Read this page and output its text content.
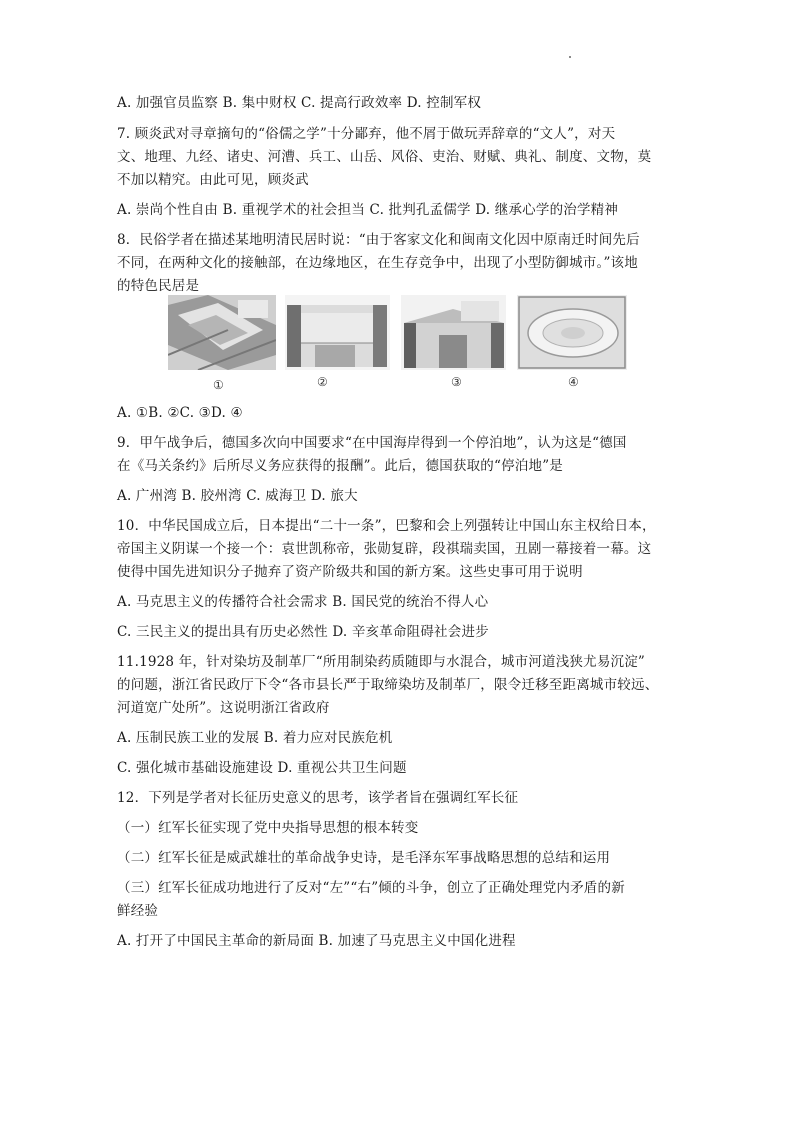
A. 加强官员监察 B. 集中财权 C. 提高行政效率 D. 控制军权
7. 顾炎武对寻章摘句的“俗儒之学”十分鄙弃，他不屑于做玩弄辞章的“文人”，对天
文、地理、九经、诸史、河漕、兵工、山岳、风俗、吏治、财赋、典礼、制度、文物，莫
不加以精究。由此可见，顾炎武
A. 崇尚个性自由 B. 重视学术的社会担当 C. 批判孔孟儒学 D. 继承心学的治学精神
8．民俗学者在描述某地明清民居时说：“由于客家文化和闽南文化因中原南迁时间先后
不同，在两种文化的接触部，在边缘地区，在生存竞争中，出现了小型防御城市。”该地
的特色民居是
①	②	③	④
A. ①B. ②C. ③D. ④
9．甲午战争后，德国多次向中国要求“在中国海岸得到一个停泊地”，认为这是“德国
在《马关条约》后所尽义务应获得的报酬”。此后，德国获取的“停泊地”是
A. 广州湾 B. 胶州湾 C. 威海卫 D. 旅大
10．中华民国成立后，日本提出“二十一条”，巴黎和会上列强转让中国山东主权给日本，
帝国主义阴谋一个接一个：袁世凯称帝，张勋复辟，段祺瑞卖国，丑剧一幕接着一幕。这
使得中国先进知识分子抛弃了资产阶级共和国的新方案。这些史事可用于说明
A. 马克思主义的传播符合社会需求 B. 国民党的统治不得人心
C. 三民主义的提出具有历史必然性 D. 辛亥革命阻碍社会进步
11.1928 年，针对染坊及制革厂“所用制染药质随即与水混合，城市河道浅狭尤易沉淀”
的问题，浙江省民政厅下令“各市县长严于取缔染坊及制革厂，限令迁移至距离城市较远、
河道宽广处所”。这说明浙江省政府
A. 压制民族工业的发展 B. 着力应对民族危机
C. 强化城市基础设施建设 D. 重视公共卫生问题
12．下列是学者对长征历史意义的思考，该学者旨在强调红军长征
（一）红军长征实现了党中央指导思想的根本转变
（二）红军长征是威武雄壮的革命战争史诗，是毛泽东军事战略思想的总结和运用
（三）红军长征成功地进行了反对“左”“右”倾的斗争，创立了正确处理党内矛盾的新
鲜经验
A. 打开了中国民主革命的新局面 B. 加速了马克思主义中国化进程
